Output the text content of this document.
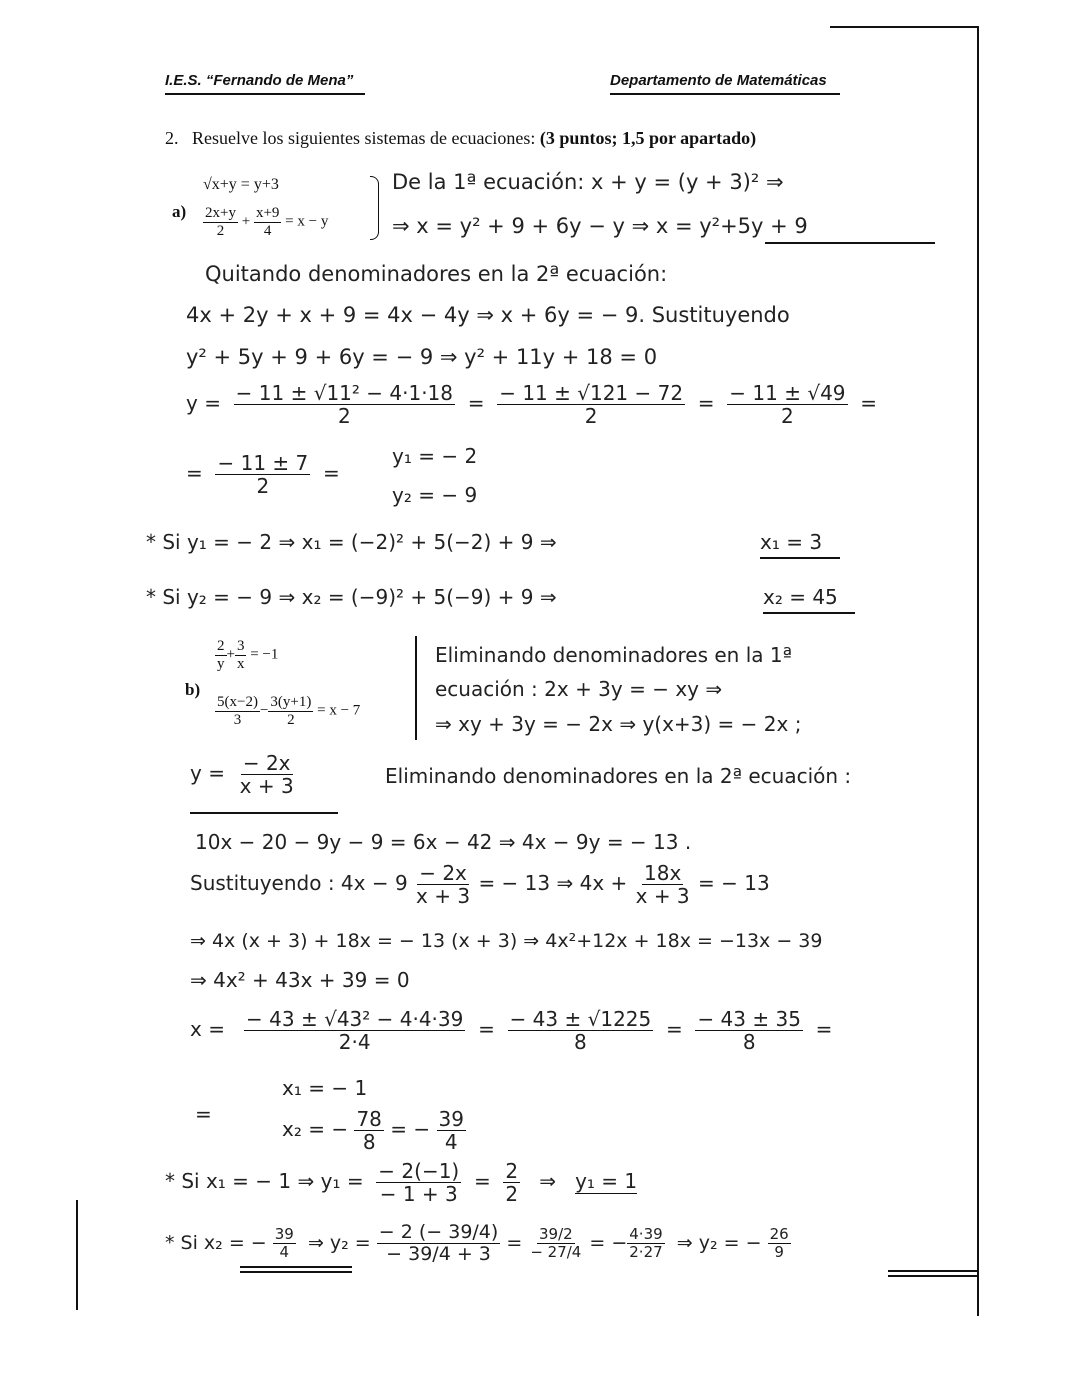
I.E.S. “Fernando de Mena”	Departamento de Matemáticas
2. Resuelve los siguientes sistemas de ecuaciones: (3 puntos; 1,5 por apartado)
a)
√x+y = y+3
$\frac{2x+y}{2} + \frac{x+9}{4} = x - y$
De la 1ª ecuación: x + y = (y + 3)² ⇒
⇒ x = y² + 9 + 6y − y ⇒ x = y²+5y + 9
Quitando denominadores en la 2ª ecuación:
4x + 2y + x + 9 = 4x − 4y ⇒ x + 6y = − 9. Sustituyendo
y² + 5y + 9 + 6y = − 9 ⇒ y² + 11y + 18 = 0
$y = \frac{\text{− 11 ± √11² − 4·1·18}}{2} = \frac{- 11 \pm √121 - 72}{2} = \frac{- 11 \pm √49}{2}$ =
= $\frac{- 11 \pm 7}{2}$ =
y₁ = − 2
y₂ = − 9
* Si y₁ = − 2 ⇒ x₁ = (−2)² + 5(−2) + 9 ⇒	x₁ = 3
* Si y₂ = − 9 ⇒ x₂ = (−9)² + 5(−9) + 9 ⇒	x₂ = 45
b)
$\frac{2}{y} + \frac{3}{x} = -1$
$\frac{5(x-2)}{3} - \frac{3(y+1)}{2} = x - 7$
Eliminando denominadores en la 1ª
ecuación : 2x + 3y = − xy ⇒
⇒ xy + 3y = − 2x ⇒ y(x+3) = − 2x ;
$y = \frac{- 2x}{x + 3}$	Eliminando denominadores en la 2ª ecuación :
10x − 20 − 9y − 9 = 6x − 42 ⇒ 4x − 9y = − 13 .
Sustituyendo : $4x - 9 \frac{- 2x}{x + 3}$ = − 13 ⇒ $4x + \frac{18x}{x + 3}$ = − 13
⇒ 4x (x + 3) + 18x = − 13 (x + 3) ⇒ 4x²+12x + 18x = −13x − 39
⇒ 4x² + 43x + 39 = 0
$x = \frac{\text{− 43 ± √43² − 4·4·39}}{2\cdot 4} = \frac{- 43 \pm √1225}{8} = \frac{- 43 \pm 35}{8}$ =
=
x₁ = − 1
x₂ = − $\frac{78}{8}$ = − $\frac{39}{4}$
* Si x₁ = − 1 ⇒ $y_1 = \frac{- 2(-1)}{- 1 + 3} = \frac{2}{2}$ ⇒   y₁ = 1
* Si x₂ = − $\frac{39}{4}$ ⇒ $y_2 = \frac{- 2 (- 39/4)}{- 39/4 + 3} = \frac{39/2}{- 27/4}$ = − $\frac{4\cdot 39}{2\cdot 27}$ ⇒ y₂ = − $\frac{26}{9}$
